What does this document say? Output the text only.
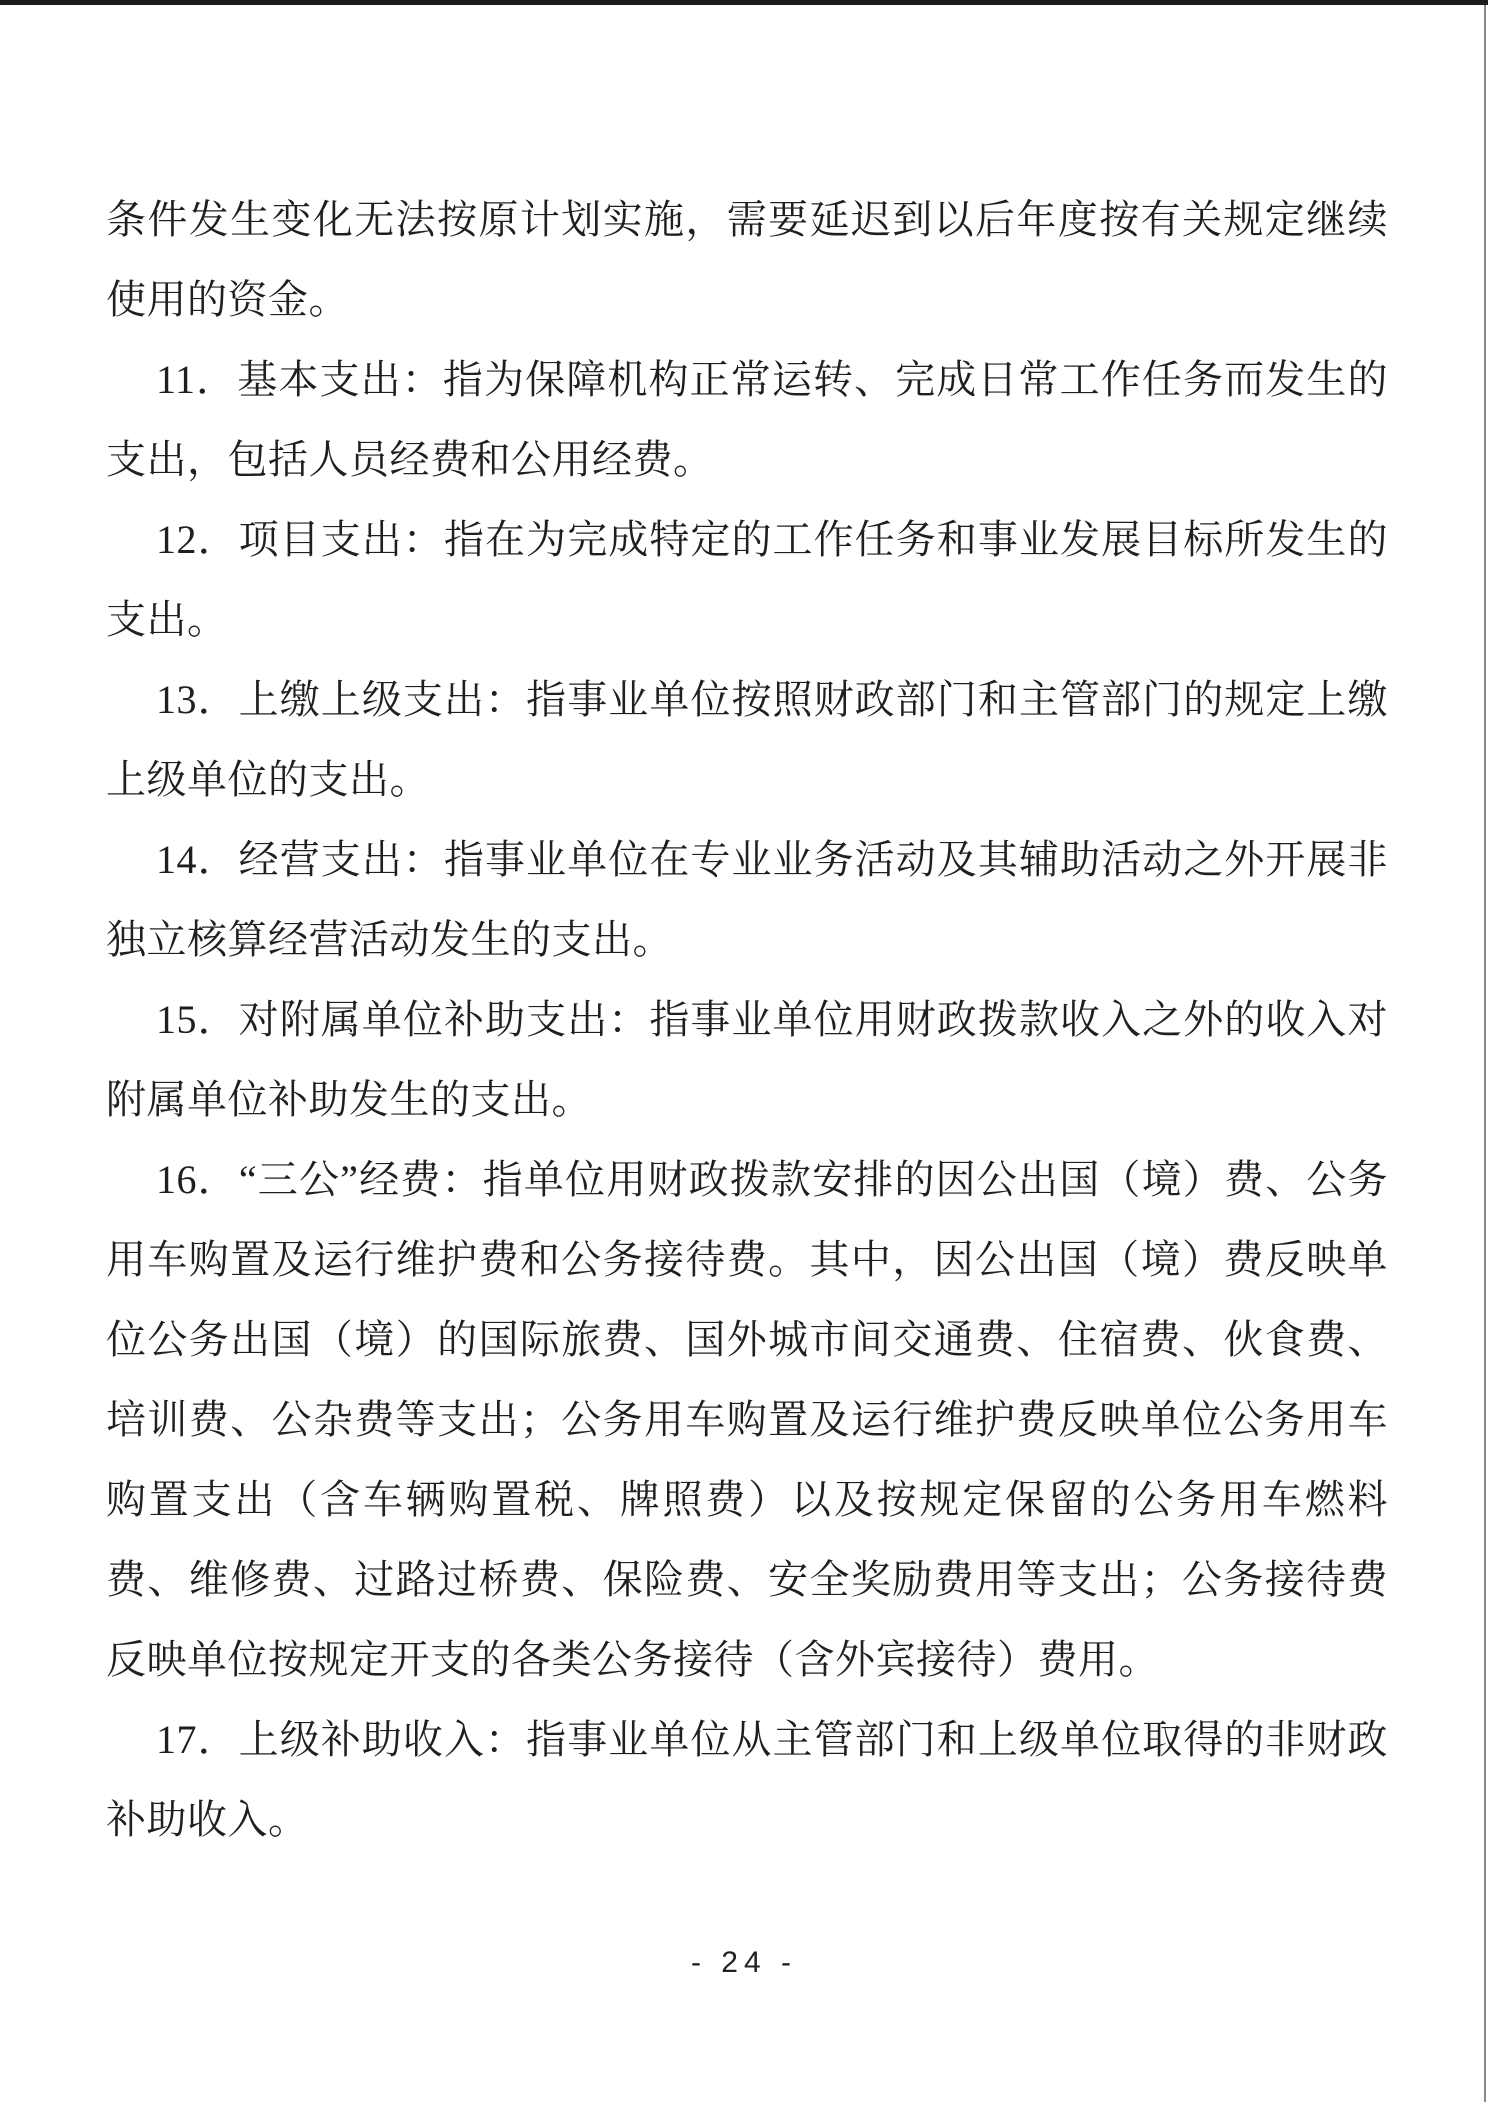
条件发生变化无法按原计划实施，需要延迟到以后年度按有关规定继续使用的资金。

11．基本支出：指为保障机构正常运转、完成日常工作任务而发生的支出，包括人员经费和公用经费。

12．项目支出：指在为完成特定的工作任务和事业发展目标所发生的支出。

13．上缴上级支出：指事业单位按照财政部门和主管部门的规定上缴上级单位的支出。

14．经营支出：指事业单位在专业业务活动及其辅助活动之外开展非独立核算经营活动发生的支出。

15．对附属单位补助支出：指事业单位用财政拨款收入之外的收入对附属单位补助发生的支出。

16．“三公”经费：指单位用财政拨款安排的因公出国（境）费、公务用车购置及运行维护费和公务接待费。其中，因公出国（境）费反映单位公务出国（境）的国际旅费、国外城市间交通费、住宿费、伙食费、培训费、公杂费等支出；公务用车购置及运行维护费反映单位公务用车购置支出（含车辆购置税、牌照费）以及按规定保留的公务用车燃料费、维修费、过路过桥费、保险费、安全奖励费用等支出；公务接待费反映单位按规定开支的各类公务接待（含外宾接待）费用。

17．上级补助收入：指事业单位从主管部门和上级单位取得的非财政补助收入。

- 24 -
